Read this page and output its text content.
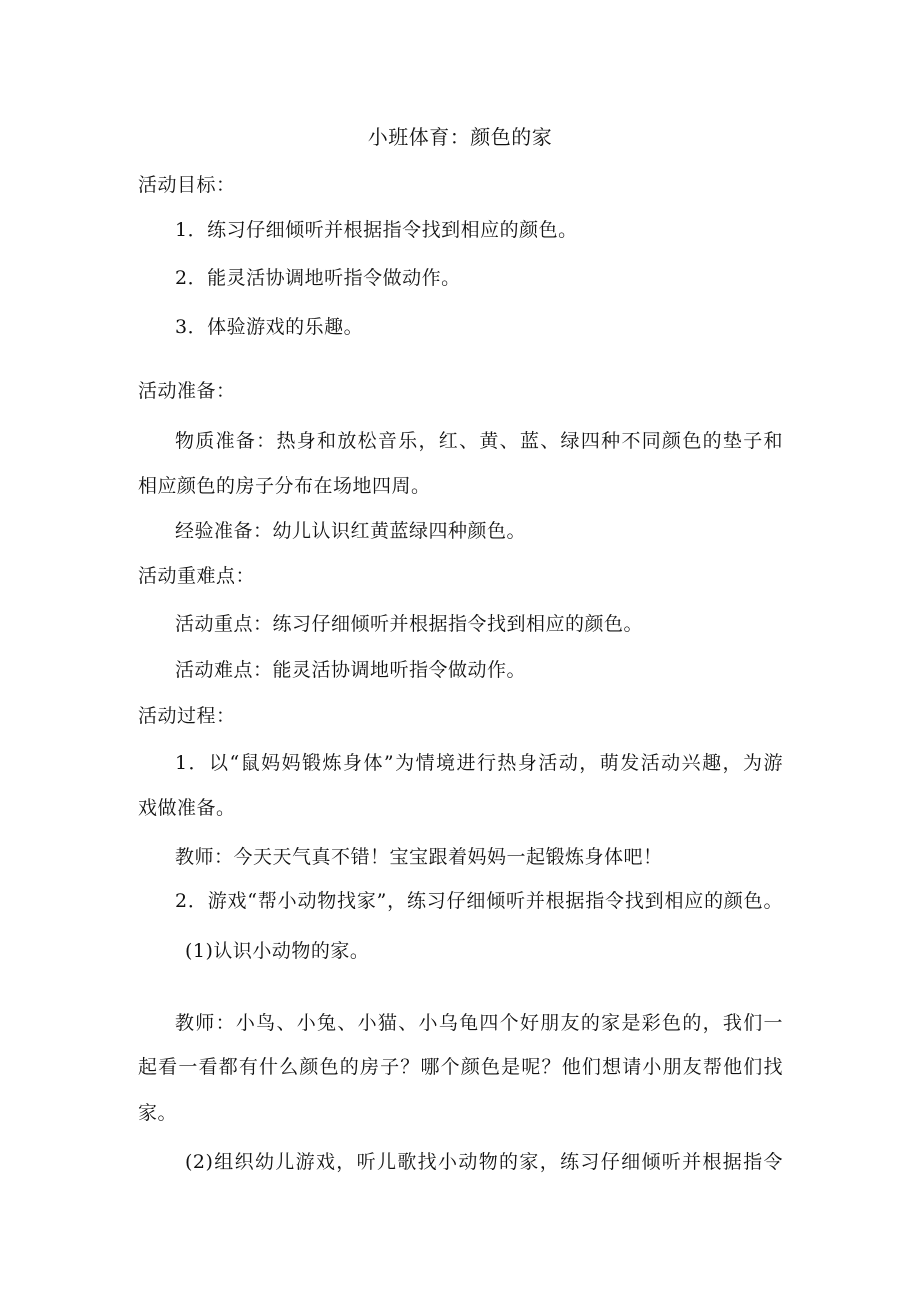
小班体育：颜色的家
活动目标：
1．练习仔细倾听并根据指令找到相应的颜色。
2．能灵活协调地听指令做动作。
3．体验游戏的乐趣。
活动准备：
物质准备：热身和放松音乐，红、黄、蓝、绿四种不同颜色的垫子和
相应颜色的房子分布在场地四周。
经验准备：幼儿认识红黄蓝绿四种颜色。
活动重难点：
活动重点：练习仔细倾听并根据指令找到相应的颜色。
活动难点：能灵活协调地听指令做动作。
活动过程：
1．以“鼠妈妈锻炼身体”为情境进行热身活动，萌发活动兴趣，为游
戏做准备。
教师：今天天气真不错！宝宝跟着妈妈一起锻炼身体吧！
2．游戏“帮小动物找家”，练习仔细倾听并根据指令找到相应的颜色。
(1)认识小动物的家。
教师：小鸟、小兔、小猫、小乌龟四个好朋友的家是彩色的，我们一
起看一看都有什么颜色的房子？哪个颜色是呢？他们想请小朋友帮他们找
家。
(2)组织幼儿游戏，听儿歌找小动物的家，练习仔细倾听并根据指令
